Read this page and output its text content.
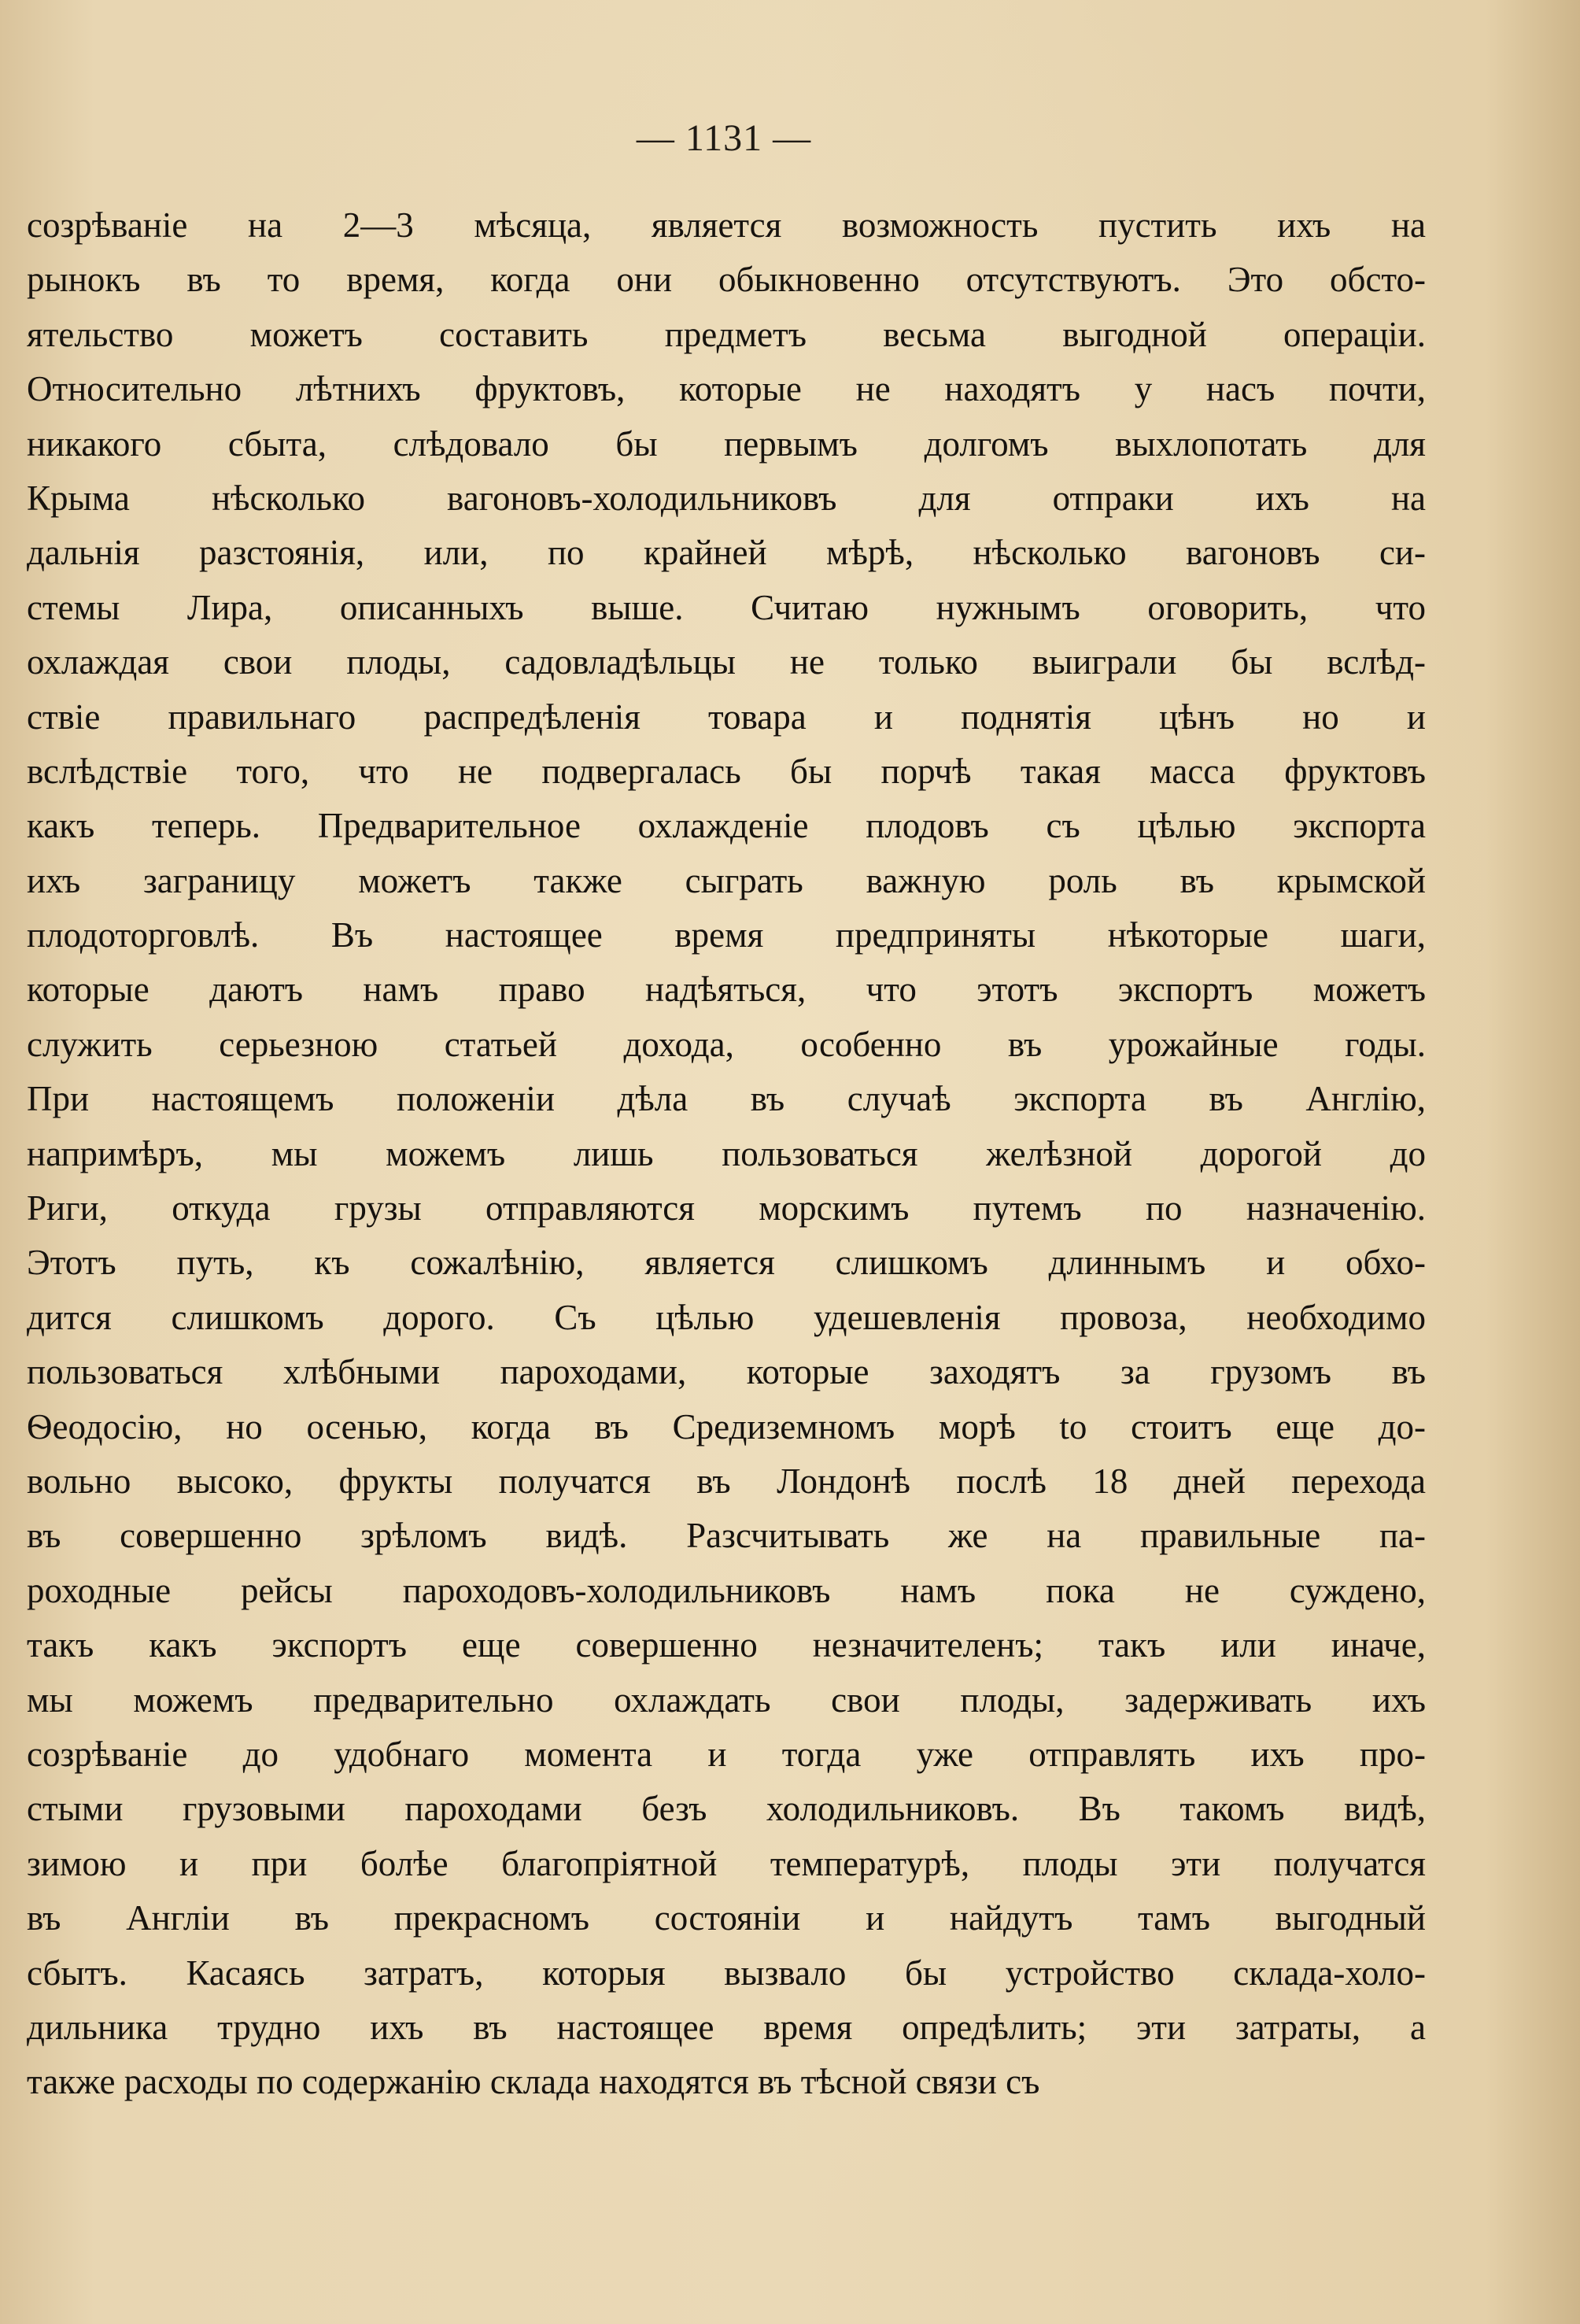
— 1131 —
созрѣваніе на 2—3 мѣсяца, является возможность пустить ихъ на
рынокъ въ то время, когда они обыкновенно отсутствуютъ. Это обсто-
ятельство можетъ составить предметъ весьма выгодной операціи.
Относительно лѣтнихъ фруктовъ, которые не находятъ у насъ почти,
никакого сбыта, слѣдовало бы первымъ долгомъ выхлопотать для
Крыма нѣсколько вагоновъ-холодильниковъ для отпраки ихъ на
дальнія разстоянія, или, по крайней мѣрѣ, нѣсколько вагоновъ си-
стемы Лира, описанныхъ выше. Считаю нужнымъ оговорить, что
охлаждая свои плоды, садовладѣльцы не только выиграли бы вслѣд-
ствіе правильнаго распредѣленія товара и поднятія цѣнъ но и
вслѣдствіе того, что не подвергалась бы порчѣ такая масса фруктовъ
какъ теперь. Предварительное охлажденіе плодовъ съ цѣлью экспорта
ихъ заграницу можетъ также сыграть важную роль въ крымской
плодоторговлѣ. Въ настоящее время предприняты нѣкоторые шаги,
которые даютъ намъ право надѣяться, что этотъ экспортъ можетъ
служить серьезною статьей дохода, особенно въ урожайные годы.
При настоящемъ положеніи дѣла въ случаѣ экспорта въ Англію,
напримѣръ, мы можемъ лишь пользоваться желѣзной дорогой до
Риги, откуда грузы отправляются морскимъ путемъ по назначенію.
Этотъ путь, къ сожалѣнію, является слишкомъ длиннымъ и обхо-
дится слишкомъ дорого. Съ цѣлью удешевленія провоза, необходимо
пользоваться хлѣбными пароходами, которые заходятъ за грузомъ въ
Ѳеодосію, но осенью, когда въ Средиземномъ морѣ tо стоитъ еще до-
вольно высоко, фрукты получатся въ Лондонѣ послѣ 18 дней перехода
въ совершенно зрѣломъ видѣ. Разсчитывать же на правильные па-
роходные рейсы пароходовъ-холодильниковъ намъ пока не суждено,
такъ какъ экспортъ еще совершенно незначителенъ; такъ или иначе,
мы можемъ предварительно охлаждать свои плоды, задерживать ихъ
созрѣваніе до удобнаго момента и тогда уже отправлять ихъ про-
стыми грузовыми пароходами безъ холодильниковъ. Въ такомъ видѣ,
зимою и при болѣе благопріятной температурѣ, плоды эти получатся
въ Англіи въ прекрасномъ состояніи и найдутъ тамъ выгодный
сбытъ. Касаясь затратъ, которыя вызвало бы устройство склада-холо-
дильника трудно ихъ въ настоящее время опредѣлить; эти затраты, а
также расходы по содержанію склада находятся въ тѣсной связи съ
